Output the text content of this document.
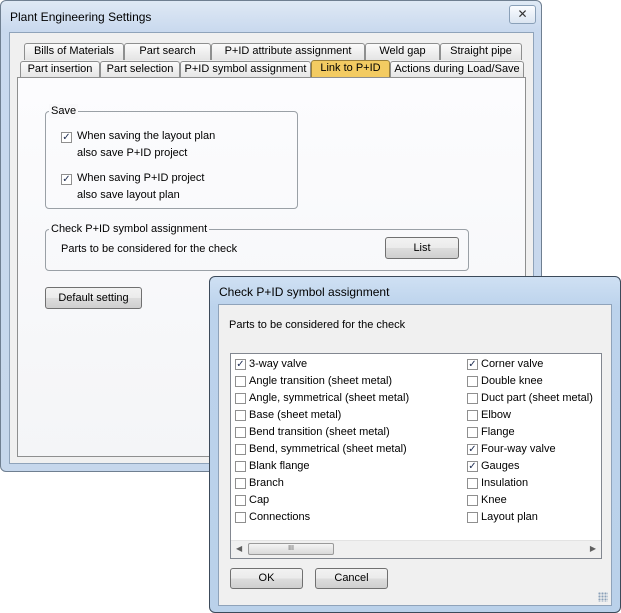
Plant Engineering Settings	✕
Bills of Materials	Part search	P+ID attribute assignment	Weld gap	Straight pipe
Part insertion	Part selection	P+ID symbol assignment	Link to P+ID	Actions during Load/Save
Save
✓ When saving the layout plan
also save P+ID project
✓ When saving P+ID project
also save layout plan
Check P+ID symbol assignment
Parts to be considered for the check	List
Default setting	Check P+ID symbol assignment
Parts to be considered for the check
✓ 3-way valve
Angle transition (sheet metal)
Angle, symmetrical (sheet metal)
Base (sheet metal)
Bend transition (sheet metal)
Bend, symmetrical (sheet metal)
Blank flange
Branch
Cap
Connections
✓ Corner valve
Double knee
Duct part (sheet metal)
Elbow
Flange
✓ Four-way valve
✓ Gauges
Insulation
Knee
Layout plan
◀	III	▶
OK	Cancel
